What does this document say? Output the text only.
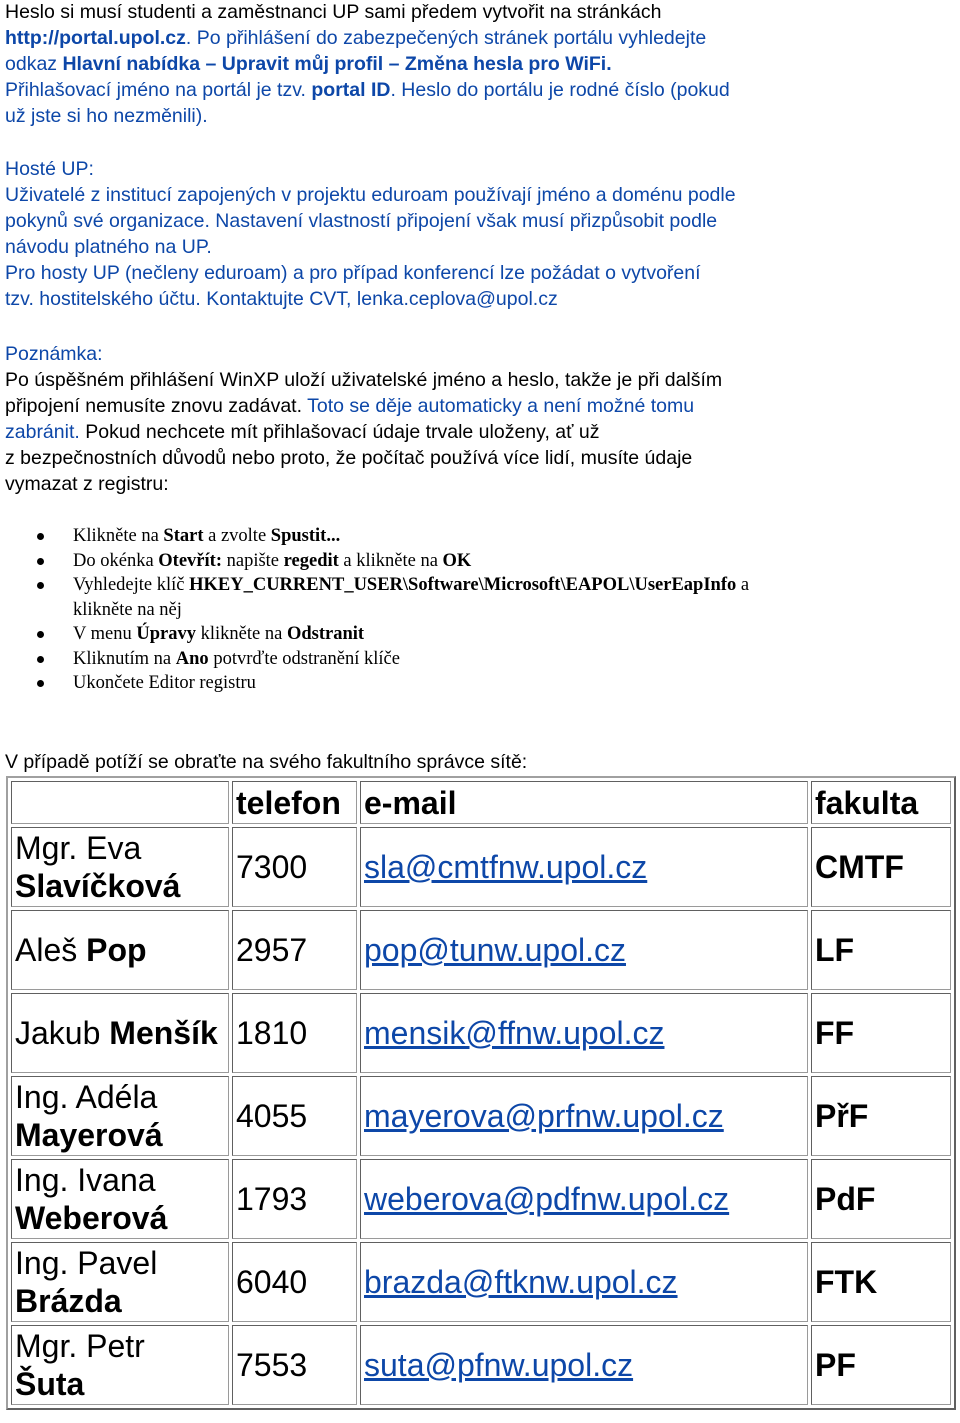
Heslo si musí studenti a zaměstnanci UP sami předem vytvořit na stránkách
http://portal.upol.cz. Po přihlášení do zabezpečených stránek portálu vyhledejte
odkaz Hlavní nabídka – Upravit můj profil – Změna hesla pro WiFi.
Přihlašovací jméno na portál je tzv. portal ID. Heslo do portálu je rodné číslo (pokud
už jste si ho nezměnili).
Hosté UP:
Uživatelé z institucí zapojených v projektu eduroam používají jméno a doménu podle
pokynů své organizace. Nastavení vlastností připojení však musí přizpůsobit podle
návodu platného na UP.
Pro hosty UP (nečleny eduroam) a pro případ konferencí lze požádat o vytvoření
tzv. hostitelského účtu. Kontaktujte CVT, lenka.ceplova@upol.cz
Poznámka:
Po úspěšném přihlášení WinXP uloží uživatelské jméno a heslo, takže je při dalším
připojení nemusíte znovu zadávat. Toto se děje automaticky a není možné tomu
zabránit. Pokud nechcete mít přihlašovací údaje trvale uloženy, ať už
z bezpečnostních důvodů nebo proto, že počítač používá více lidí, musíte údaje
vymazat z registru:
Klikněte na Start a zvolte Spustit...
Do okénka Otevřít: napište regedit a klikněte na OK
Vyhledejte klíč HKEY_CURRENT_USER\Software\Microsoft\EAPOL\UserEapInfo a
klikněte na něj
V menu Úpravy klikněte na Odstranit
Kliknutím na Ano potvrďte odstranění klíče
Ukončete Editor registru
V případě potíží se obraťte na svého fakultního správce sítě:
	telefon	e-mail	fakulta
Mgr. Eva
Slavíčková	7300	sla@cmtfnw.upol.cz	CMTF
Aleš Pop	2957	pop@tunw.upol.cz	LF
Jakub Menšík	1810	mensik@ffnw.upol.cz	FF
Ing. Adéla
Mayerová	4055	mayerova@prfnw.upol.cz	PřF
Ing. Ivana
Weberová	1793	weberova@pdfnw.upol.cz	PdF
Ing. Pavel
Brázda	6040	brazda@ftknw.upol.cz	FTK
Mgr. Petr
Šuta	7553	suta@pfnw.upol.cz	PF
